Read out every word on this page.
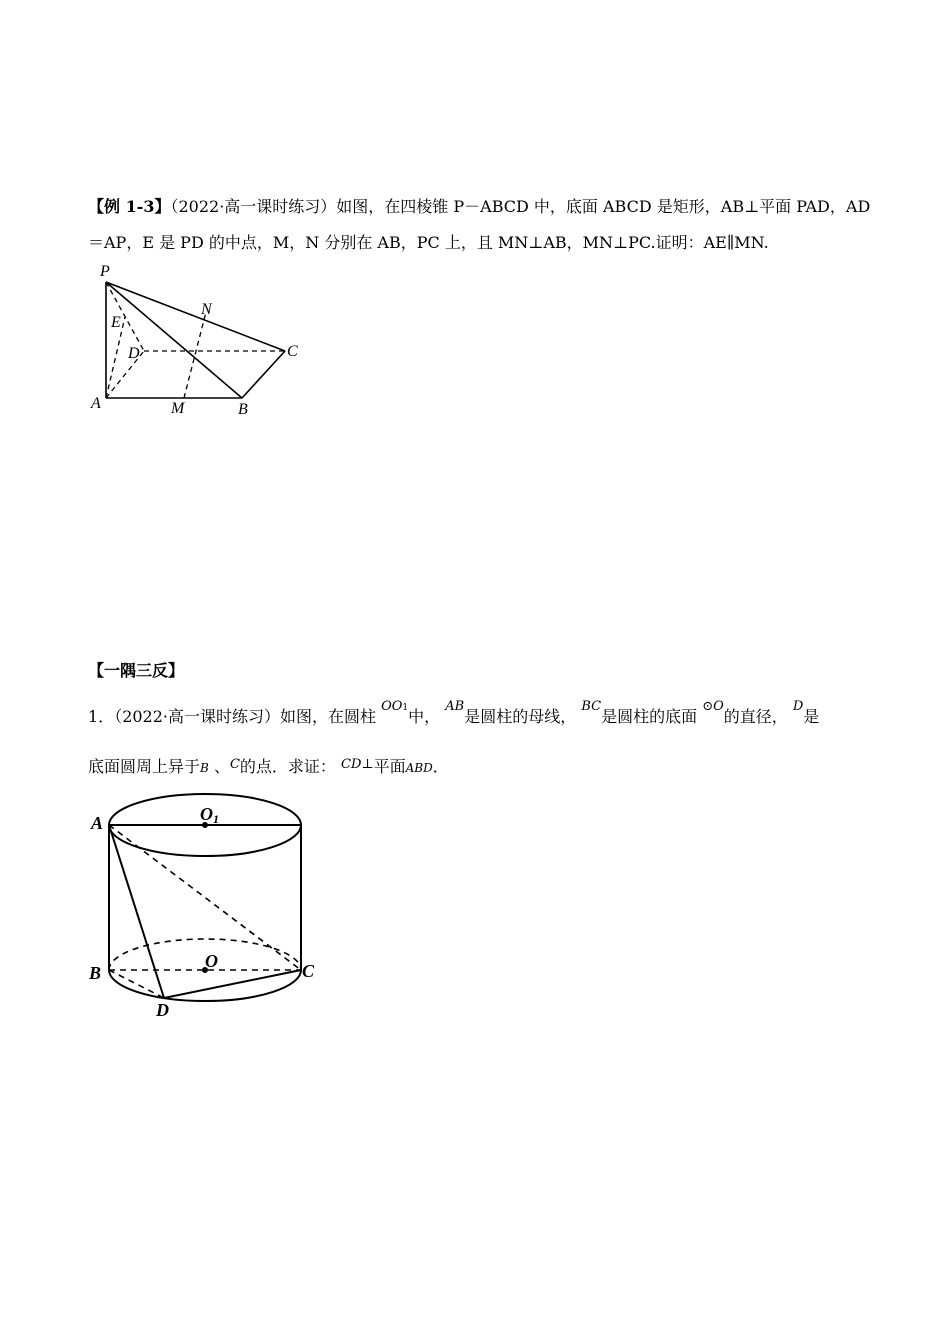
【例 1-3】（2022·高一课时练习）如图，在四棱锥 P－ABCD 中，底面 ABCD 是矩形，AB⊥平面 PAD，AD
＝AP，E 是 PD 的中点，M，N 分别在 AB，PC 上，且 MN⊥AB，MN⊥PC.证明：AE∥MN.
P
N
E
D	C
A	M	B
【一隅三反】
1．（2022·高一课时练习）如图，在圆柱 $^{OO1}$中， $^{AB}$是圆柱的母线， $^{BC}$是圆柱的底面 $^{⊙O}$的直径， $^D$是
底面圆周上异于B 、$^C$的点．求证： $^{CD\perp}$平面ABD．
A	O1
B
O	C
D
